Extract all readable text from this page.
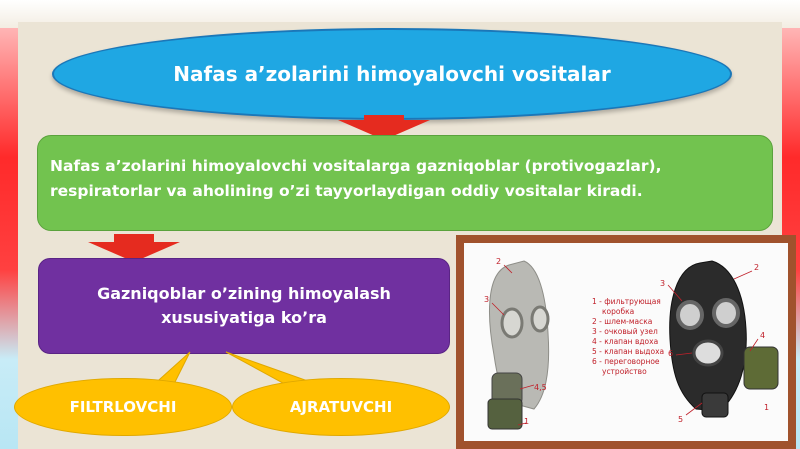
Nafas a’zolarini himoyalovchi vositalar

Nafas a’zolarini himoyalovchi vositalarga gazniqoblar (protivogazlar),

respiratorlar va aholining o’zi tayyorlaydigan oddiy vositalar kiradi.

Gazniqoblar o’zining himoyalash
xususiyatiga ko’ra

FILTRLOVCHI	AJRATUVCHI
2
3
4,5
1
3
2
6
4
5
1
1 - фильтрующая
коробка
2 - шлем-маска
3 - очковый узел
4 - клапан вдоха
5 - клапан выдоха
6 - переговорное
устройство
